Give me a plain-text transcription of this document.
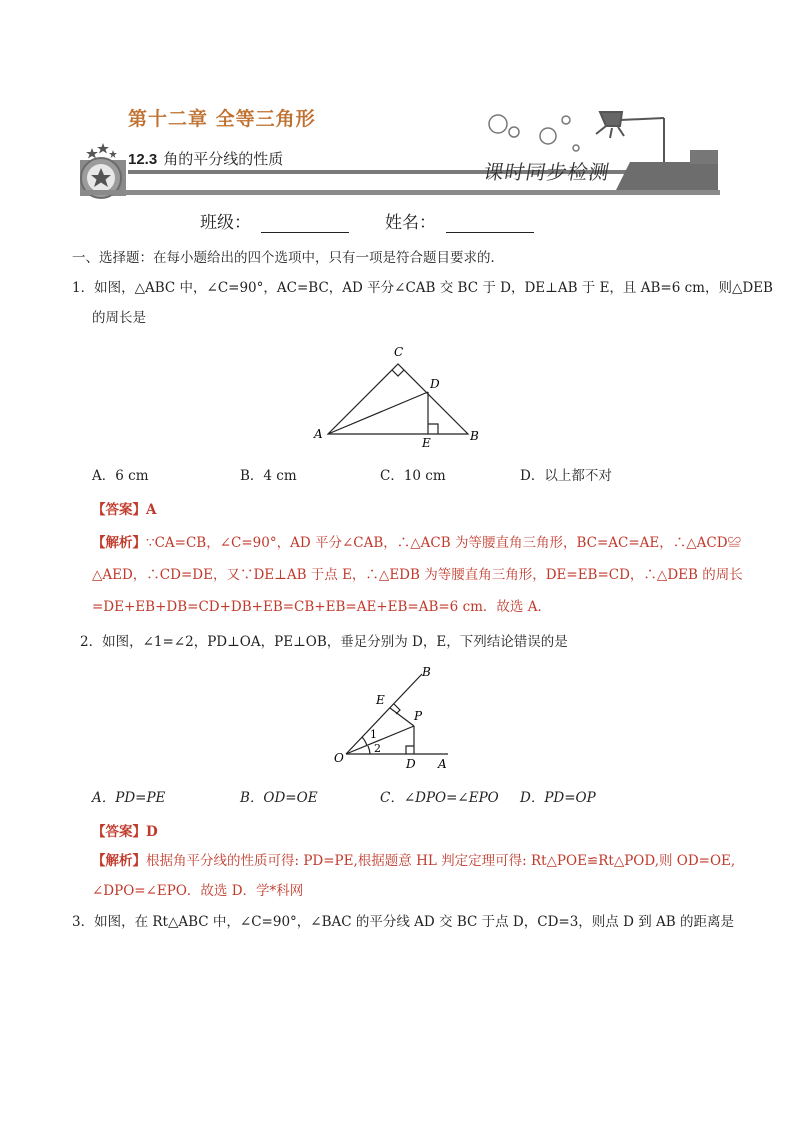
第十二章 全等三角形
12.3 角的平分线的性质
课时同步检测
班级：	姓名：
一、选择题：在每小题给出的四个选项中，只有一项是符合题目要求的．
1．如图，△ABC 中，∠C=90°，AC=BC，AD 平分∠CAB 交 BC 于 D，DE⊥AB 于 E，且 AB=6 cm，则△DEB
的周长是
A	B
C
D
E
A．6 cm	B．4 cm	C．10 cm	D．以上都不对
【答案】A
【解析】∵CA=CB，∠C=90°，AD 平分∠CAB，∴△ACB 为等腰直角三角形，BC=AC=AE，∴△ACD≌
△AED，∴CD=DE，又∵DE⊥AB 于点 E，∴△EDB 为等腰直角三角形，DE=EB=CD，∴△DEB 的周长
=DE+EB+DB=CD+DB+EB=CB+EB=AE+EB=AB=6 cm．故选 A．
2．如图，∠1=∠2，PD⊥OA，PE⊥OB，垂足分别为 D，E，下列结论错误的是
O	A
B
P
D
E
1
2
A．PD=PE	B．OD=OE	C．∠DPO=∠EPO D．PD=OP
【答案】D
【解析】根据角平分线的性质可得: PD=PE,根据题意 HL 判定定理可得: Rt△POE≌Rt△POD,则 OD=OE,
∠DPO=∠EPO．故选 D．学*科网
3．如图，在 Rt△ABC 中，∠C=90°，∠BAC 的平分线 AD 交 BC 于点 D，CD=3，则点 D 到 AB 的距离是
